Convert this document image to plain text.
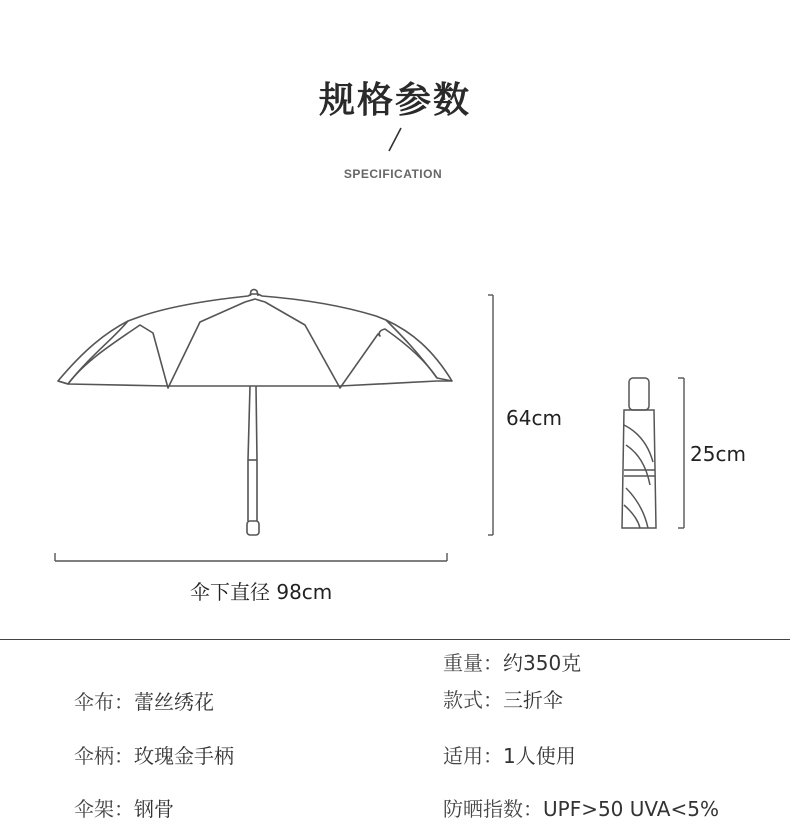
规格参数
SPECIFICATION
64cm
25cm
伞下直径 98cm
重量：约350克
伞布：蕾丝绣花	款式：三折伞
伞柄：玫瑰金手柄	适用：1人使用
伞架：钢骨	防晒指数：UPF>50 UVA<5%
